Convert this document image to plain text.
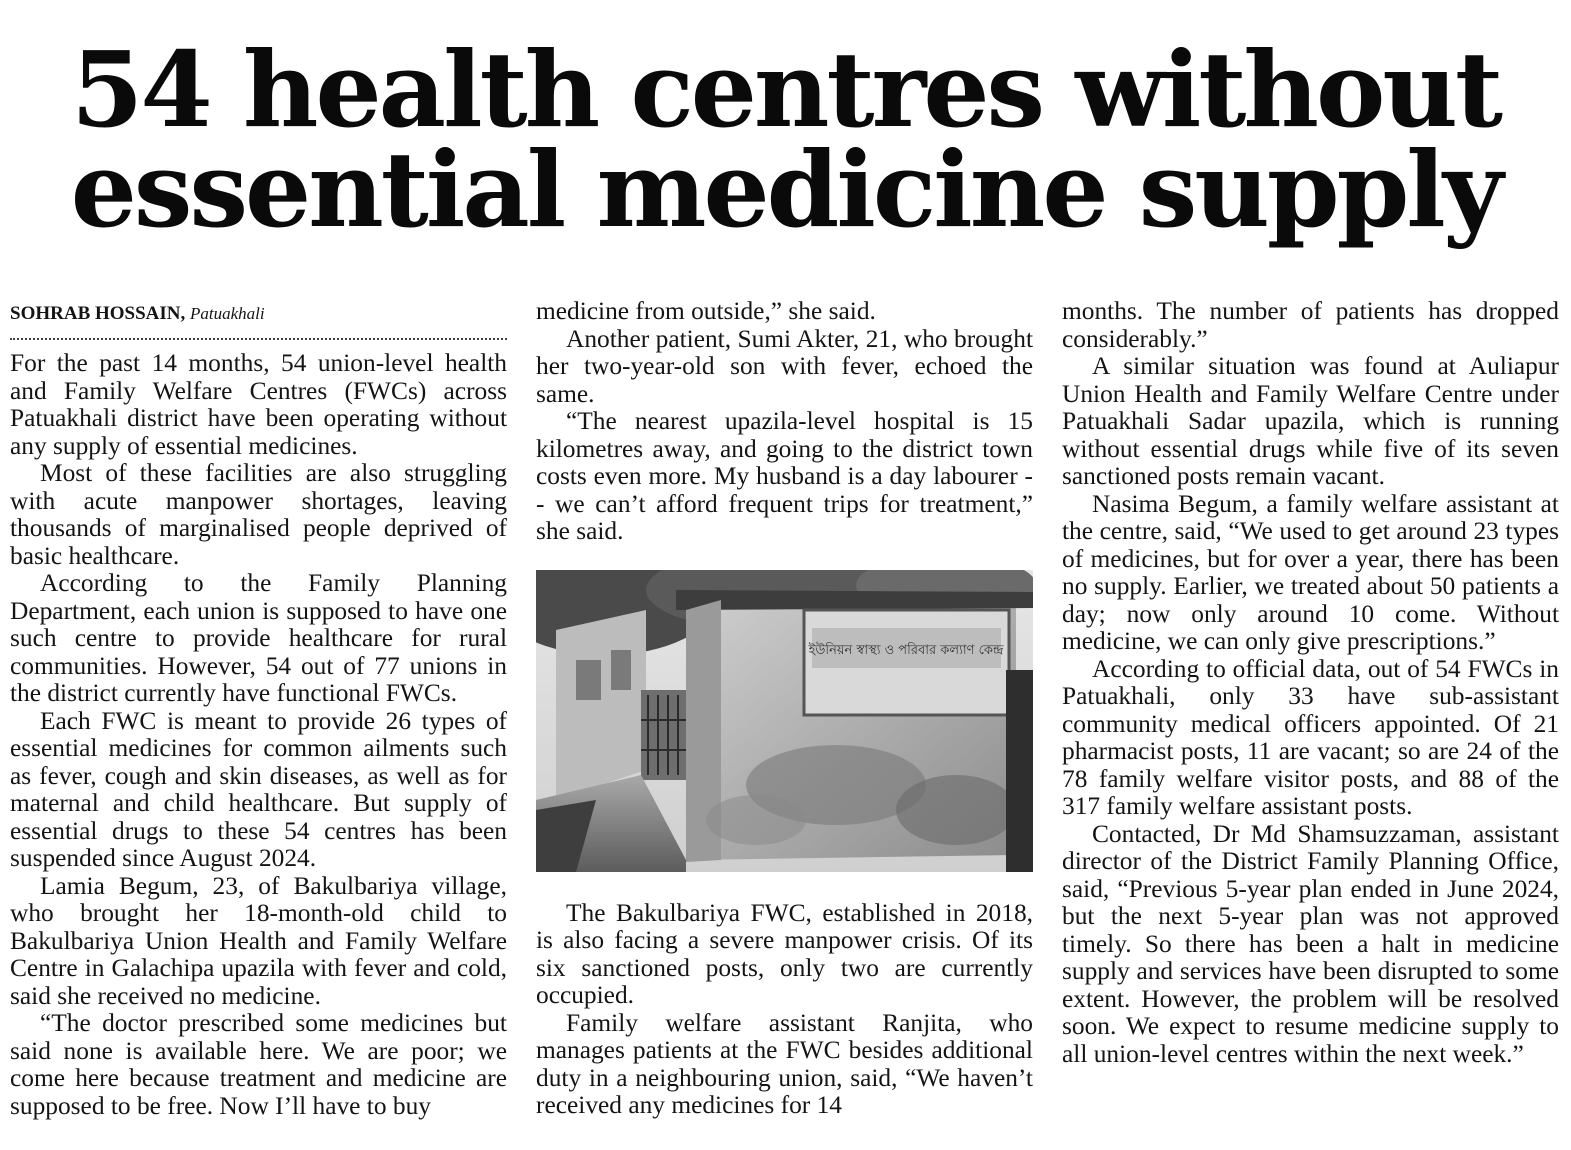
54 health centres without
essential medicine supply

SOHRAB HOSSAIN, Patuakhali

For the past 14 months, 54 union-level health and Family Welfare Centres (FWCs) across Patuakhali district have been operating without any supply of essential medicines.

Most of these facilities are also struggling with acute manpower shortages, leaving thousands of marginalised people deprived of basic healthcare.

According to the Family Planning Department, each union is supposed to have one such centre to provide healthcare for rural communities. However, 54 out of 77 unions in the district currently have functional FWCs.

Each FWC is meant to provide 26 types of essential medicines for common ailments such as fever, cough and skin diseases, as well as for maternal and child healthcare. But supply of essential drugs to these 54 centres has been suspended since August 2024.

Lamia Begum, 23, of Bakulbariya village, who brought her 18-month-old child to Bakulbariya Union Health and Family Welfare Centre in Galachipa upazila with fever and cold, said she received no medicine.

“The doctor prescribed some medicines but said none is available here. We are poor; we come here because treatment and medicine are supposed to be free. Now I’ll have to buy

medicine from outside,” she said.

Another patient, Sumi Akter, 21, who brought her two-year-old son with fever, echoed the same.

“The nearest upazila-level hospital is 15 kilometres away, and going to the district town costs even more. My husband is a day labourer -- we can’t afford frequent trips for treatment,” she said.

ইউনিয়ন স্বাস্থ্য ও পরিবার কল্যাণ কেন্দ্র

The Bakulbariya FWC, established in 2018, is also facing a severe manpower crisis. Of its six sanctioned posts, only two are currently occupied.

Family welfare assistant Ranjita, who manages patients at the FWC besides additional duty in a neighbouring union, said, “We haven’t received any medicines for 14

months. The number of patients has dropped considerably.”

A similar situation was found at Auliapur Union Health and Family Welfare Centre under Patuakhali Sadar upazila, which is running without essential drugs while five of its seven sanctioned posts remain vacant.

Nasima Begum, a family welfare assistant at the centre, said, “We used to get around 23 types of medicines, but for over a year, there has been no supply. Earlier, we treated about 50 patients a day; now only around 10 come. Without medicine, we can only give prescriptions.”

According to official data, out of 54 FWCs in Patuakhali, only 33 have sub-assistant community medical officers appointed. Of 21 pharmacist posts, 11 are vacant; so are 24 of the 78 family welfare visitor posts, and 88 of the 317 family welfare assistant posts.

Contacted, Dr Md Shamsuzzaman, assistant director of the District Family Planning Office, said, “Previous 5-year plan ended in June 2024, but the next 5-year plan was not approved timely. So there has been a halt in medicine supply and services have been disrupted to some extent. However, the problem will be resolved soon. We expect to resume medicine supply to all union-level centres within the next week.”
